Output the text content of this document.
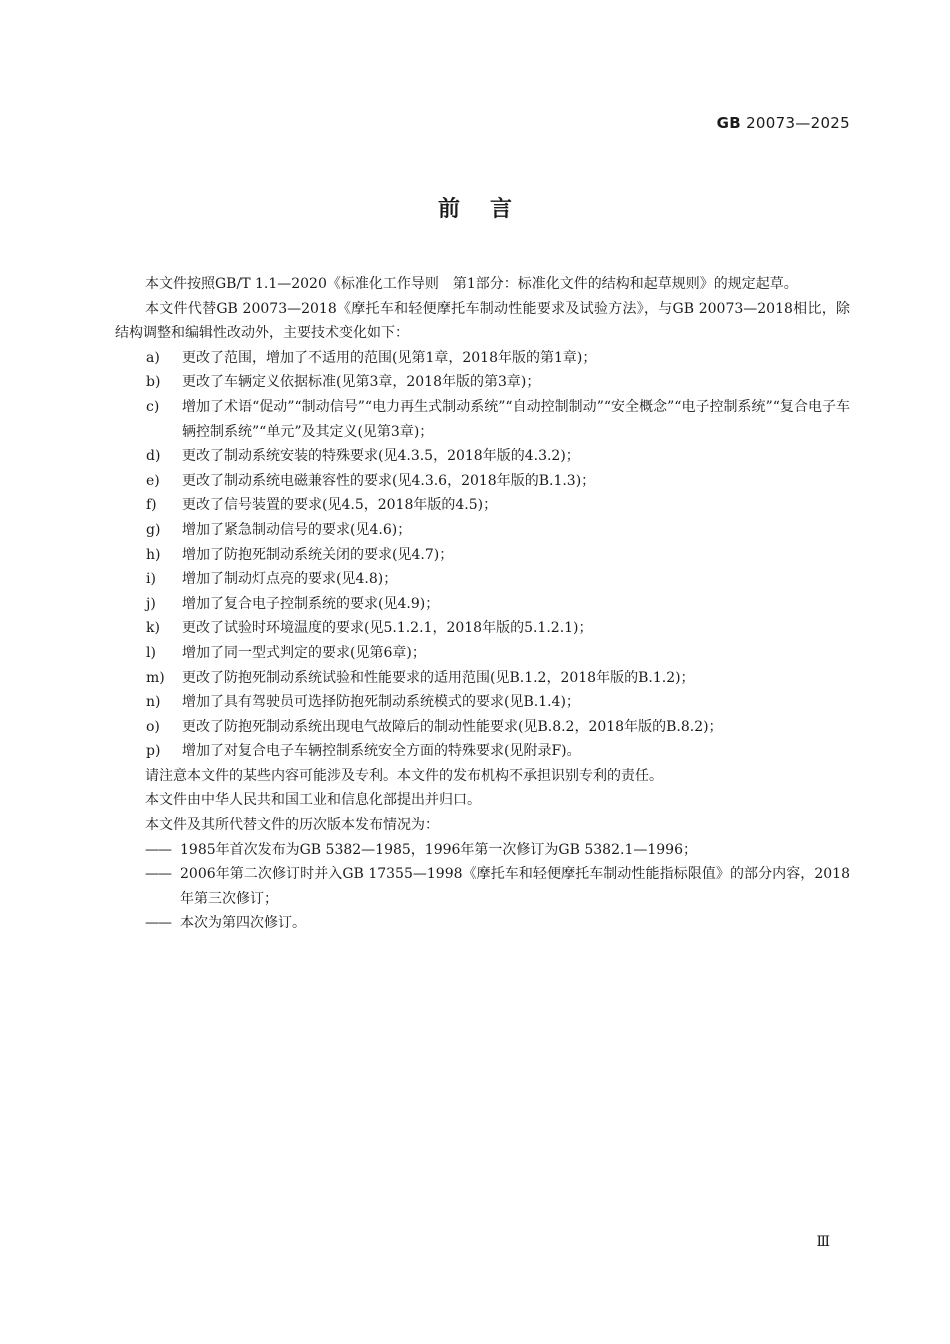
GB 20073—2025
前言

本文件按照GB/T 1.1—2020《标准化工作导则　第1部分：标准化文件的结构和起草规则》的规定起草。

本文件代替GB 20073—2018《摩托车和轻便摩托车制动性能要求及试验方法》，与GB 20073—2018相比，除结构调整和编辑性改动外，主要技术变化如下：

a)	更改了范围，增加了不适用的范围(见第1章，2018年版的第1章)；
b)	更改了车辆定义依据标准(见第3章，2018年版的第3章)；
c)	增加了术语“促动”“制动信号”“电力再生式制动系统”“自动控制制动”“安全概念”“电子控制系统”“复合电子车辆控制系统”“单元”及其定义(见第3章)；
d)	更改了制动系统安装的特殊要求(见4.3.5，2018年版的4.3.2)；
e)	更改了制动系统电磁兼容性的要求(见4.3.6，2018年版的B.1.3)；
f)	更改了信号装置的要求(见4.5，2018年版的4.5)；
g)	增加了紧急制动信号的要求(见4.6)；
h)	增加了防抱死制动系统关闭的要求(见4.7)；
i)	增加了制动灯点亮的要求(见4.8)；
j)	增加了复合电子控制系统的要求(见4.9)；
k)	更改了试验时环境温度的要求(见5.1.2.1，2018年版的5.1.2.1)；
l)	增加了同一型式判定的要求(见第6章)；
m)	更改了防抱死制动系统试验和性能要求的适用范围(见B.1.2，2018年版的B.1.2)；
n)	增加了具有驾驶员可选择防抱死制动系统模式的要求(见B.1.4)；
o)	更改了防抱死制动系统出现电气故障后的制动性能要求(见B.8.2，2018年版的B.8.2)；
p)	增加了对复合电子车辆控制系统安全方面的特殊要求(见附录F)。

请注意本文件的某些内容可能涉及专利。本文件的发布机构不承担识别专利的责任。

本文件由中华人民共和国工业和信息化部提出并归口。

本文件及其所代替文件的历次版本发布情况为：

—— 1985年首次发布为GB 5382—1985，1996年第一次修订为GB 5382.1—1996；
—— 2006年第二次修订时并入GB 17355—1998《摩托车和轻便摩托车制动性能指标限值》的部分内容，2018年第三次修订；
—— 本次为第四次修订。
Ⅲ
